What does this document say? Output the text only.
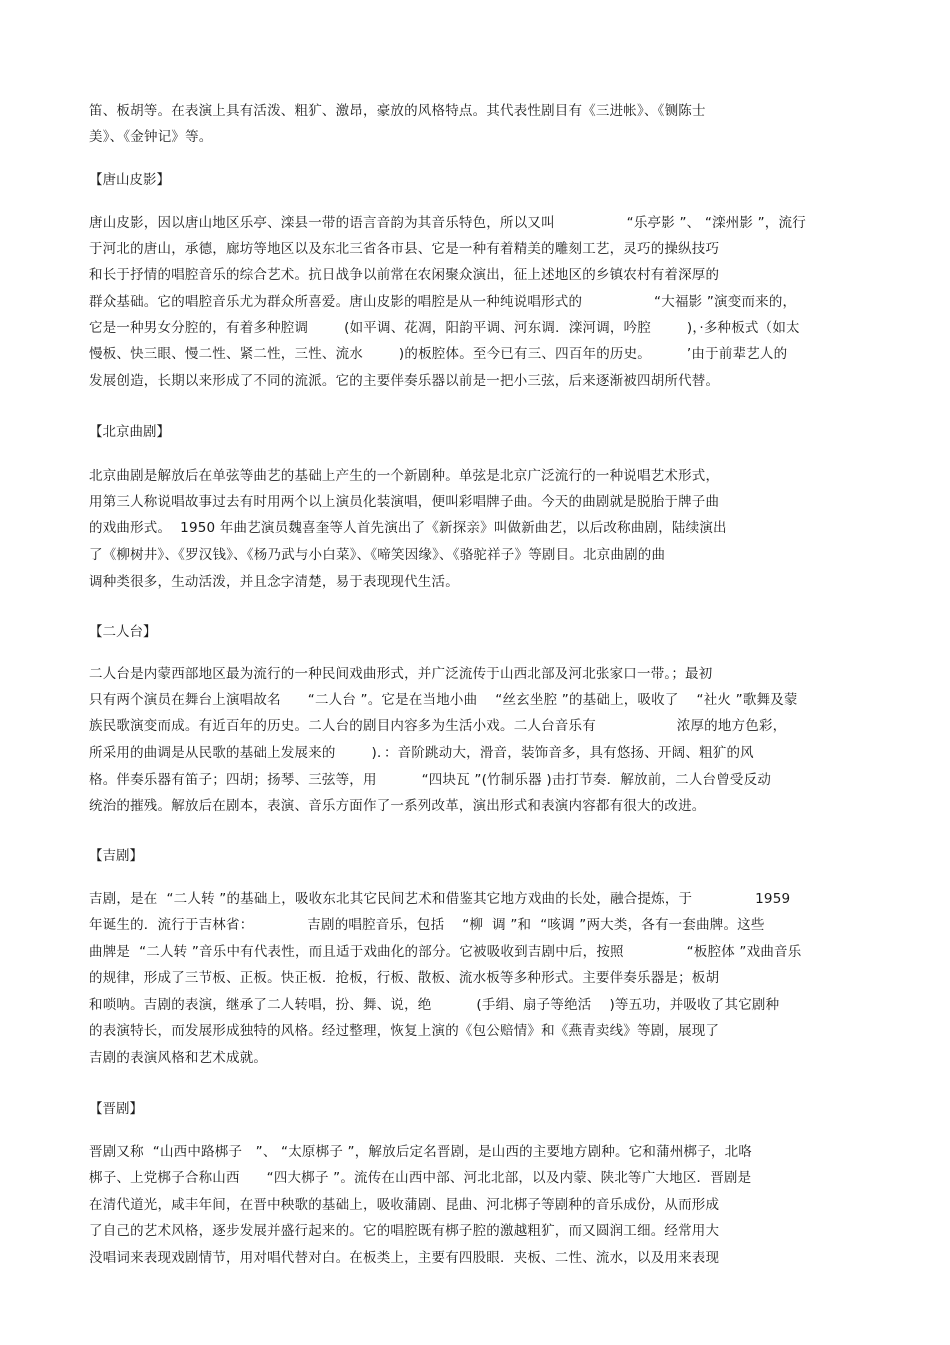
笛、板胡等。在表演上具有活泼、粗犷、激昂，豪放的风格特点。其代表性剧目有《三进帐》、《铡陈士
美》、《金钟记》等。
【唐山皮影】
唐山皮影，因以唐山地区乐亭、滦县一带的语言音韵为其音乐特色，所以又叫                “乐亭影 ”、 “滦州影 ”，流行
于河北的唐山，承德，廊坊等地区以及东北三省各市县、它是一种有着精美的雕刻工艺，灵巧的操纵技巧
和长于抒情的唱腔音乐的综合艺术。抗日战争以前常在农闲聚众演出，征上述地区的乡镇农村有着深厚的
群众基础。它的唱腔音乐尤为群众所喜爱。唐山皮影的唱腔是从一种纯说唱形式的                “大福影 ”演变而来的，
它是一种男女分腔的，有着多种腔调        (如平调、花凋，阳韵平调、河东调．滦河调，吟腔        )，·多种板式（如太
慢板、快三眼、慢二性、紧二性，三性、流水        )的板腔体。至今已有三、四百年的历史。        ’由于前辈艺人的
发展创造，长期以来形成了不同的流派。它的主要伴奏乐器以前是一把小三弦，后来逐渐被四胡所代替。
【北京曲剧】
北京曲剧是解放后在单弦等曲艺的基础上产生的一个新剧种。单弦是北京广泛流行的一种说唱艺术形式，
用第三人称说唱故事过去有时用两个以上演员化装演唱，便叫彩唱牌子曲。今天的曲剧就是脱胎于牌子曲
的戏曲形式。  1950 年曲艺演员魏喜奎等人首先演出了《新探亲》叫做新曲艺，以后改称曲剧，陆续演出
了《柳树井》、《罗汉钱》、《杨乃武与小白菜》、《啼笑因缘》、《骆驼祥子》等剧目。北京曲剧的曲
调种类很多，生动活泼，并且念字清楚，易于表现现代生活。
【二人台】
二人台是内蒙西部地区最为流行的一种民间戏曲形式，并广泛流传于山西北部及河北张家口一带。；最初
只有两个演员在舞台上演唱故名      “二人台 ”。它是在当地小曲    “丝玄坐腔 ”的基础上，吸收了    “社火 ”歌舞及蒙
族民歌演变而成。有近百年的历史。二人台的剧目内容多为生活小戏。二人台音乐有                  浓厚的地方色彩，
所采用的曲调是从民歌的基础上发展来的        )．：音阶跳动大，滑音，装饰音多，具有悠扬、开阔、粗犷的风
格。伴奏乐器有笛子；四胡；扬琴、三弦等，用          “四块瓦 ”(竹制乐器 )击打节奏．解放前，二人台曾受反动
统治的摧残。解放后在剧本，表演、音乐方面作了一系列改革，演出形式和表演内容都有很大的改进。
【吉剧】
吉剧，是在  “二人转 ”的基础上，吸收东北其它民间艺术和借鉴其它地方戏曲的长处，融合提炼，于              1959
年诞生的．流行于吉林省：            吉剧的唱腔音乐，包括    “柳  调 ”和  “咳调 ”两大类，各有一套曲牌。这些
曲牌是  “二人转 ”音乐中有代表性，而且适于戏曲化的部分。它被吸收到吉剧中后，按照              “板腔体 ”戏曲音乐
的规律，形成了三节板、正板。快正板．抢板，行板、散板、流水板等多种形式。主要伴奏乐器是；板胡
和唢呐。吉剧的表演，继承了二人转唱，扮、舞、说，绝          (手绢、扇子等绝活    )等五功，并吸收了其它剧种
的表演特长，而发展形成独特的风格。经过整理，恢复上演的《包公赔情》和《燕青卖线》等剧，展现了
吉剧的表演风格和艺术成就。
【晋剧】
晋剧又称  “山西中路梆子   ”、 “太原梆子 ”，解放后定名晋剧，是山西的主要地方剧种。它和蒲州梆子，北咯
梆子、上党梆子合称山西      “四大梆子 ”。流传在山西中部、河北北部，以及内蒙、陕北等广大地区．晋剧是
在清代道光，咸丰年间，在晋中秧歌的基础上，吸收蒲剧、昆曲、河北梆子等剧种的音乐成份，从而形成
了自己的艺术风格，逐步发展并盛行起来的。它的唱腔既有梆子腔的激越粗犷，而又圆润工细。经常用大
没唱词来表现戏剧情节，用对唱代替对白。在板类上，主要有四股眼．夹板、二性、流水，以及用来表现
